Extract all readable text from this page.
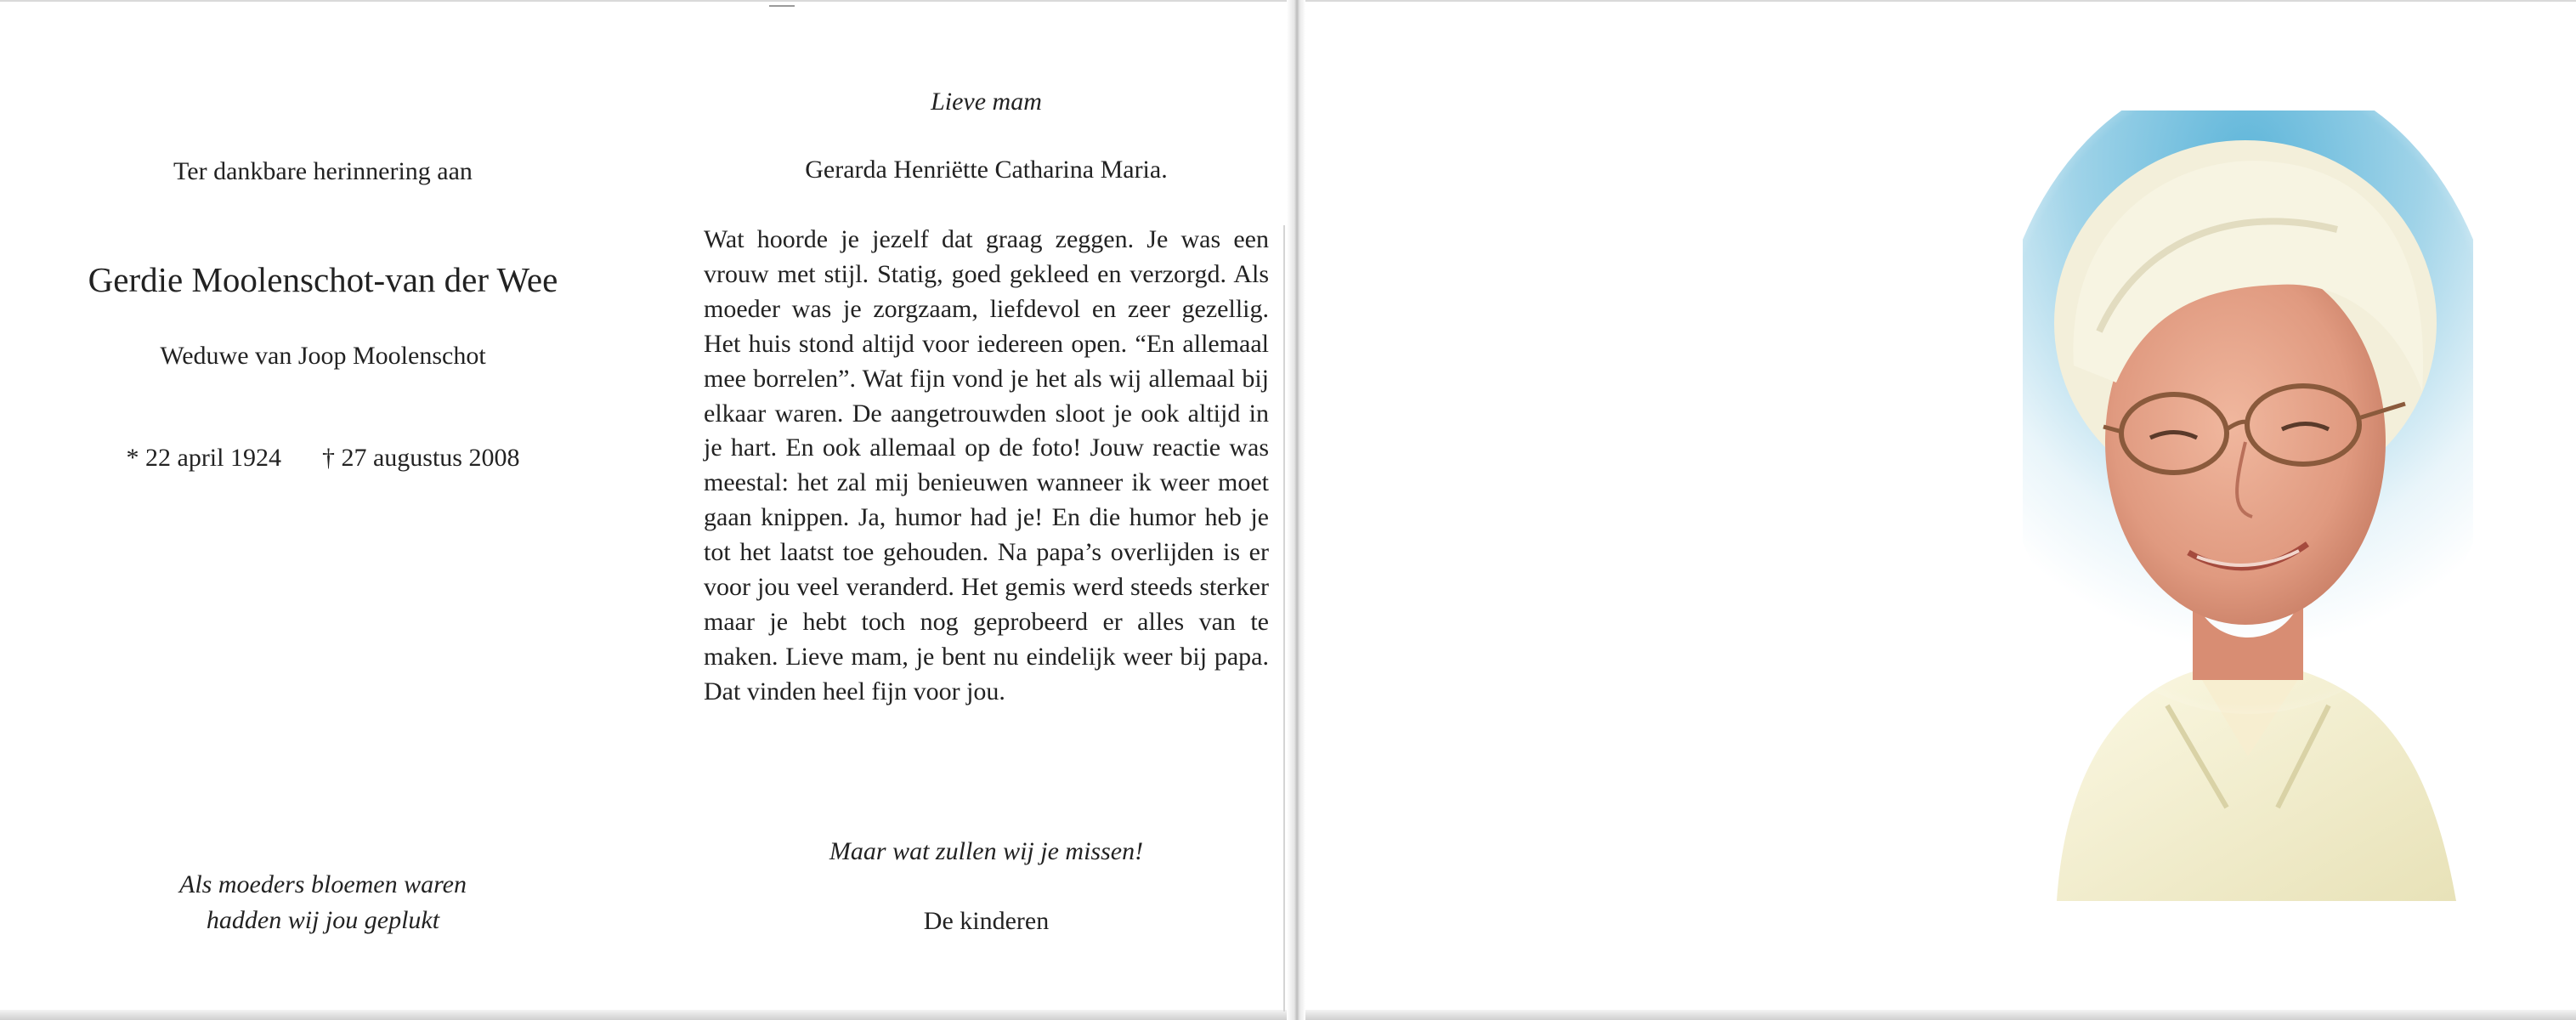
Ter dankbare herinnering aan
Gerdie Moolenschot-van der Wee
Weduwe van Joop Moolenschot
* 22 april 1924 † 27 augustus 2008
Als moeders bloemen waren
hadden wij jou geplukt
Lieve mam
Gerarda Henriëtte Catharina Maria.
Wat hoorde je jezelf dat graag zeggen. Je was een vrouw met stijl. Statig, goed gekleed en verzorgd. Als moeder was je zorgzaam, liefdevol en zeer gezellig. Het huis stond altijd voor iedereen open. “En allemaal mee borrelen”. Wat fijn vond je het als wij allemaal bij elkaar waren. De aangetrouwden sloot je ook altijd in je hart. En ook allemaal op de foto! Jouw reactie was meestal: het zal mij benieuwen wanneer ik weer moet gaan knippen. Ja, humor had je! En die humor heb je tot het laatst toe gehouden. Na papa’s overlijden is er voor jou veel veranderd. Het gemis werd steeds sterker maar je hebt toch nog geprobeerd er alles van te maken. Lieve mam, je bent nu eindelijk weer bij papa. Dat vinden heel fijn voor jou.
Maar wat zullen wij je missen!
De kinderen
